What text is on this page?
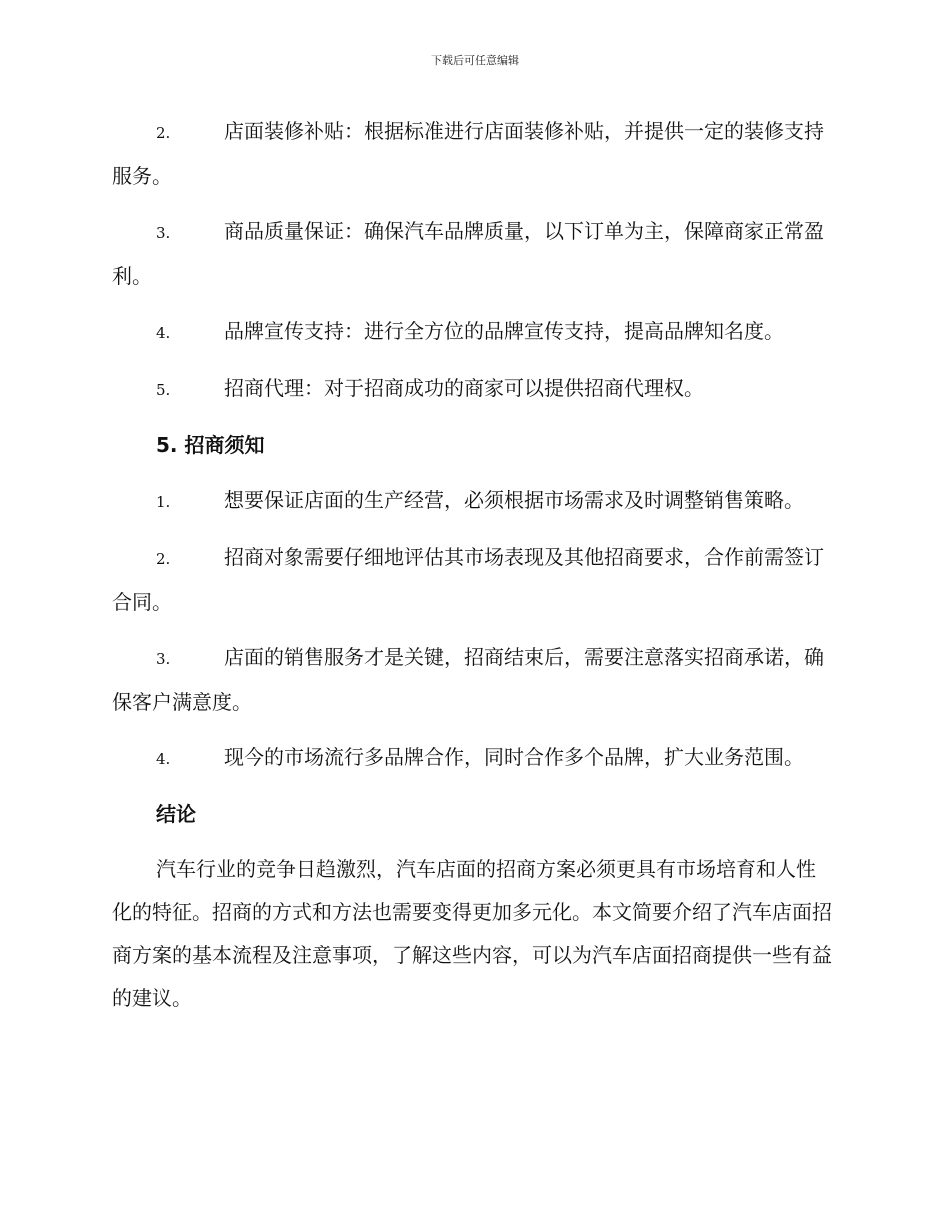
下载后可任意编辑

2.	店面装修补贴：根据标准进行店面装修补贴，并提供一定的装修支持服务。

3.	商品质量保证：确保汽车品牌质量，以下订单为主，保障商家正常盈利。

4.	品牌宣传支持：进行全方位的品牌宣传支持，提高品牌知名度。

5.	招商代理：对于招商成功的商家可以提供招商代理权。

5. 招商须知

1.	想要保证店面的生产经营，必须根据市场需求及时调整销售策略。

2.	招商对象需要仔细地评估其市场表现及其他招商要求，合作前需签订合同。

3.	店面的销售服务才是关键，招商结束后，需要注意落实招商承诺，确保客户满意度。

4.	现今的市场流行多品牌合作，同时合作多个品牌，扩大业务范围。

结论

汽车行业的竞争日趋激烈，汽车店面的招商方案必须更具有市场培育和人性化的特征。招商的方式和方法也需要变得更加多元化。本文简要介绍了汽车店面招商方案的基本流程及注意事项，了解这些内容，可以为汽车店面招商提供一些有益的建议。
